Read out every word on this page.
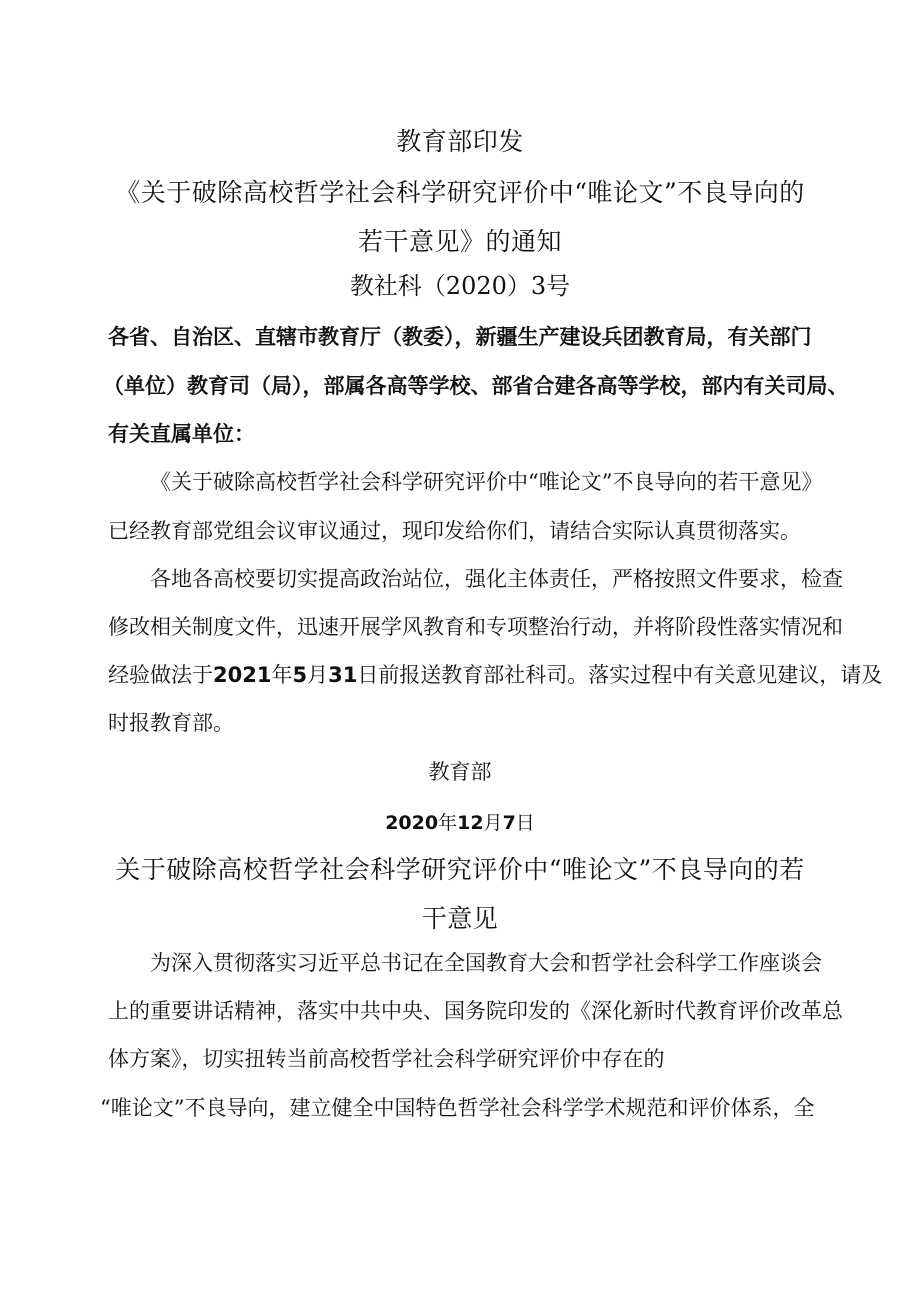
教育部印发
《关于破除高校哲学社会科学研究评价中“唯论文”不良导向的
若干意见》的通知
教社科（2020）3号
各省、自治区、直辖市教育厅（教委），新疆生产建设兵团教育局，有关部门
（单位）教育司（局），部属各高等学校、部省合建各高等学校，部内有关司局、
有关直属单位：
《关于破除高校哲学社会科学研究评价中“唯论文”不良导向的若干意见》
已经教育部党组会议审议通过，现印发给你们，请结合实际认真贯彻落实。
各地各高校要切实提高政治站位，强化主体责任，严格按照文件要求，检查
修改相关制度文件，迅速开展学风教育和专项整治行动，并将阶段性落实情况和
经验做法于2021年5月31日前报送教育部社科司。落实过程中有关意见建议，请及
时报教育部。
教育部
2020年12月7日
关于破除高校哲学社会科学研究评价中“唯论文”不良导向的若
干意见
为深入贯彻落实习近平总书记在全国教育大会和哲学社会科学工作座谈会
上的重要讲话精神，落实中共中央、国务院印发的《深化新时代教育评价改革总
体方案》，切实扭转当前高校哲学社会科学研究评价中存在的
“唯论文”不良导向，建立健全中国特色哲学社会科学学术规范和评价体系，全
